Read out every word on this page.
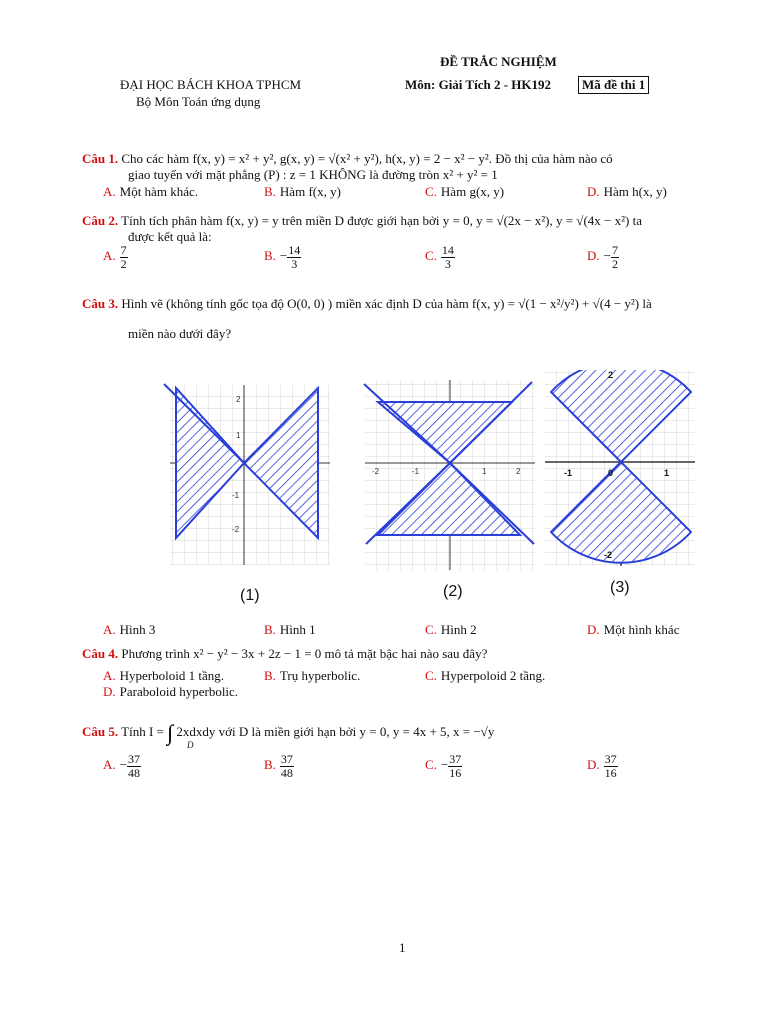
ĐỀ TRẮC NGHIỆM
ĐẠI HỌC BÁCH KHOA TPHCM
Bộ Môn Toán ứng dụng
Môn: Giải Tích 2 - HK192	Mã đề thi 1
Câu 1. Cho các hàm f(x, y) = x² + y², g(x, y) = √(x² + y²), h(x, y) = 2 − x² − y². Đồ thị của hàm nào có
giao tuyến với mặt phẳng (P) : z = 1 KHÔNG là đường tròn x² + y² = 1
A. Một hàm khác.	B. Hàm f(x, y)	C. Hàm g(x, y)	D. Hàm h(x, y)
Câu 2. Tính tích phân hàm f(x, y) = y trên miền D được giới hạn bởi y = 0, y = √(2x − x²), y = √(4x − x²) ta
được kết quả là:
A. $\frac{7}{2}$	B. − $\frac{14}{3}$	C. $\frac{14}{3}$	D. − $\frac{7}{2}$
Câu 3. Hình vẽ (không tính gốc tọa độ O(0, 0) ) miền xác định D của hàm f(x, y) = √(1 − x²/y²) + √(4 − y²) là
miền nào dưới đây?
2
1
-1
-2
-2	-1	1	2
2
-1	0	1
-2
(1)	(2)	(3)
A. Hình 3	B. Hình 1	C. Hình 2	D. Một hình khác
Câu 4. Phương trình x² − y² − 3x + 2z − 1 = 0 mô tả mặt bậc hai nào sau đây?
A. Hyperboloid 1 tầng.	B. Trụ hyperbolic.	C. Hyperpoloid 2 tầng.
D. Paraboloid hyperbolic.
Câu 5. Tính I = ∫∫ 2xdxdy với D là miền giới hạn bởi y = 0, y = 4x + 5, x = −√y
D
A. − $\frac{37}{48}$	B. $\frac{37}{48}$	C. − $\frac{37}{16}$	D. $\frac{37}{16}$
1
